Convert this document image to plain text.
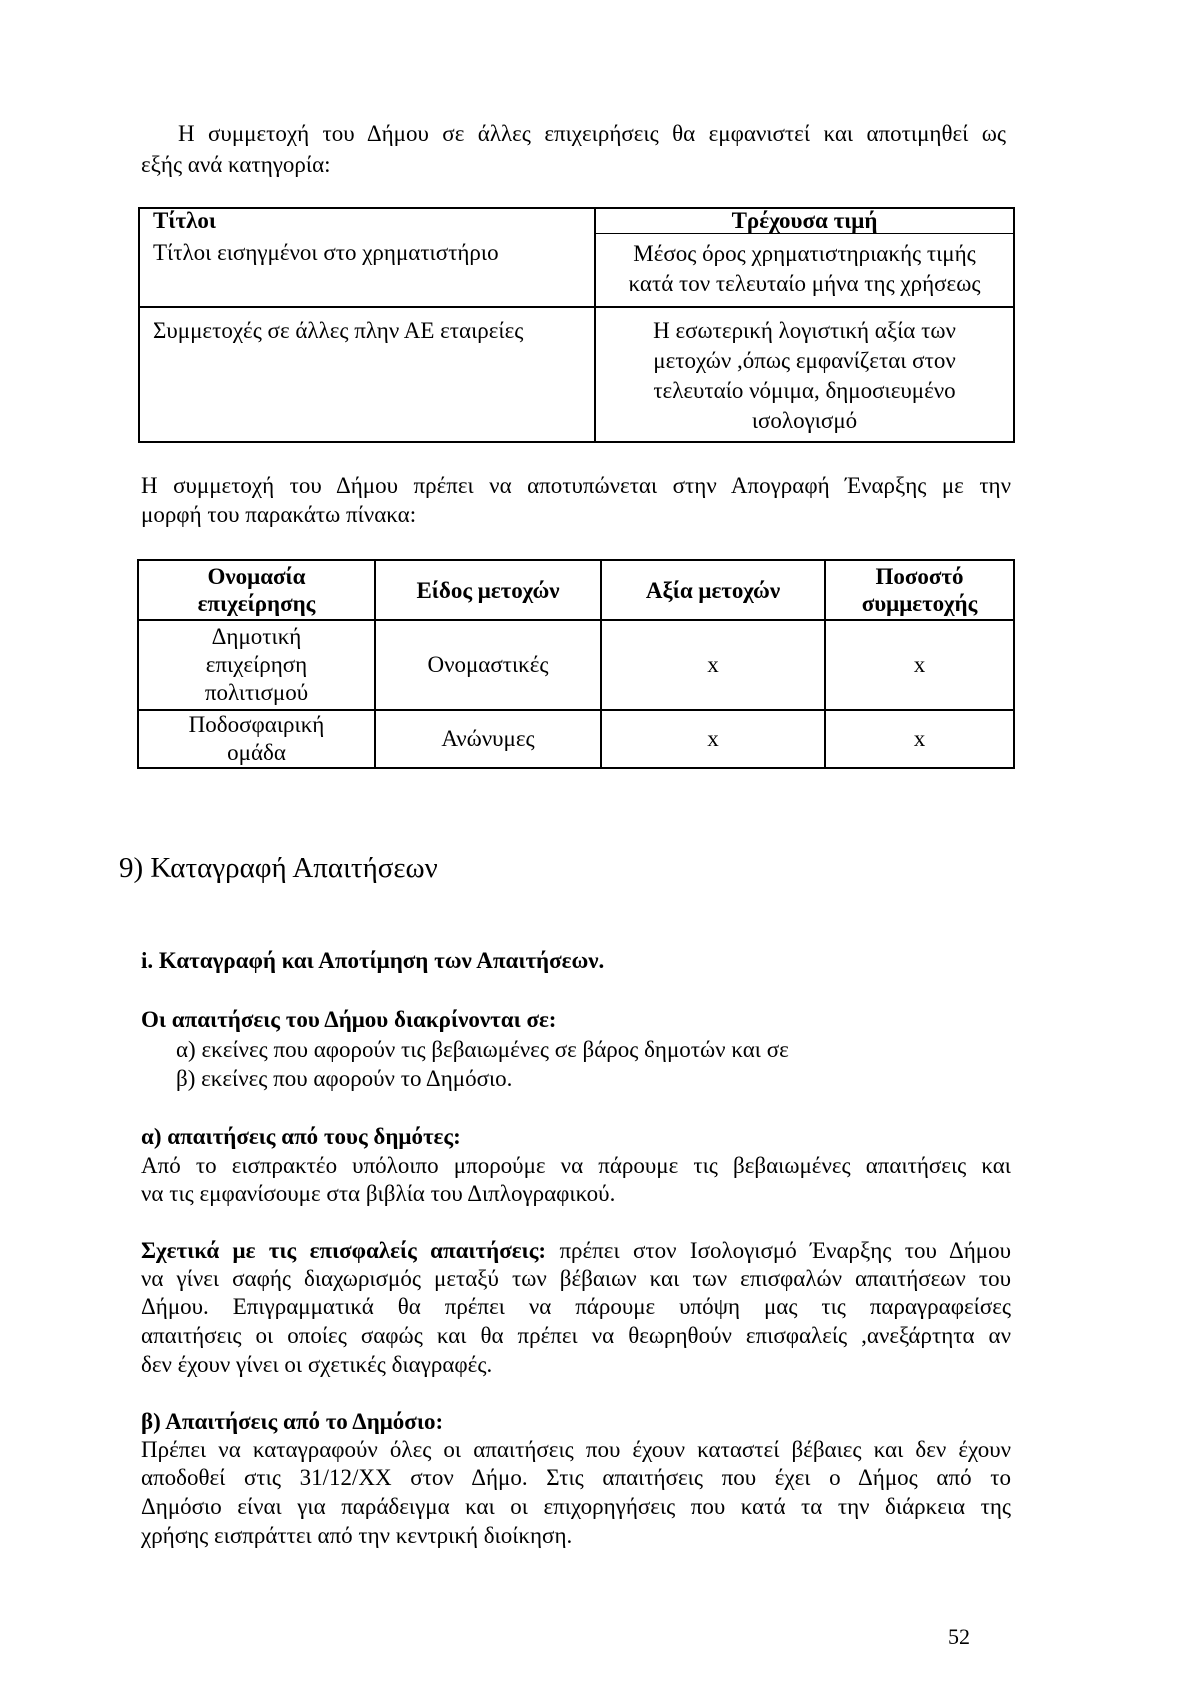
Η συμμετοχή του Δήμου σε άλλες επιχειρήσεις θα εμφανιστεί και αποτιμηθεί ως
εξής ανά κατηγορία:
Τίτλοι	Τρέχουσα τιμή

Τίτλοι εισηγμένοι στο χρηματιστήριο	Μέσος όρος χρηματιστηριακής τιμής
κατά τον τελευταίο μήνα της χρήσεως

Συμμετοχές σε άλλες πλην ΑΕ εταιρείες	Η εσωτερική λογιστική αξία των
μετοχών ,όπως εμφανίζεται στον
τελευταίο νόμιμα, δημοσιευμένο
ισολογισμό
Η συμμετοχή του Δήμου πρέπει να αποτυπώνεται στην Απογραφή Έναρξης με την
μορφή του παρακάτω πίνακα:
Ονομασία
επιχείρησης	Είδος μετοχών	Αξία μετοχών	Ποσοστό
συμμετοχής

Δημοτική
επιχείρηση
πολιτισμού	Ονομαστικές	x	x

Ποδοσφαιρική
ομάδα	Ανώνυμες	x	x
9) Καταγραφή Απαιτήσεων
i. Καταγραφή και Αποτίμηση των Απαιτήσεων.
Οι απαιτήσεις του Δήμου διακρίνονται σε:
α) εκείνες που αφορούν τις βεβαιωμένες σε βάρος δημοτών και σε
β) εκείνες που αφορούν το Δημόσιο.
α) απαιτήσεις από τους δημότες:
Από το εισπρακτέο υπόλοιπο μπορούμε να πάρουμε τις βεβαιωμένες απαιτήσεις και
να τις εμφανίσουμε στα βιβλία του Διπλογραφικού.
Σχετικά με τις επισφαλείς απαιτήσεις: πρέπει στον Ισολογισμό Έναρξης του Δήμου
να γίνει σαφής διαχωρισμός μεταξύ των βέβαιων και των επισφαλών απαιτήσεων του
Δήμου. Επιγραμματικά θα πρέπει να πάρουμε υπόψη μας τις παραγραφείσες
απαιτήσεις οι οποίες σαφώς και θα πρέπει να θεωρηθούν επισφαλείς ,ανεξάρτητα αν
δεν έχουν γίνει οι σχετικές διαγραφές.
β) Απαιτήσεις από το Δημόσιο:
Πρέπει να καταγραφούν όλες οι απαιτήσεις που έχουν καταστεί βέβαιες και δεν έχουν
αποδοθεί στις 31/12/ΧΧ στον Δήμο. Στις απαιτήσεις που έχει ο Δήμος από το
Δημόσιο είναι για παράδειγμα και οι επιχορηγήσεις που κατά τα την διάρκεια της
χρήσης εισπράττει από την κεντρική διοίκηση.
52
